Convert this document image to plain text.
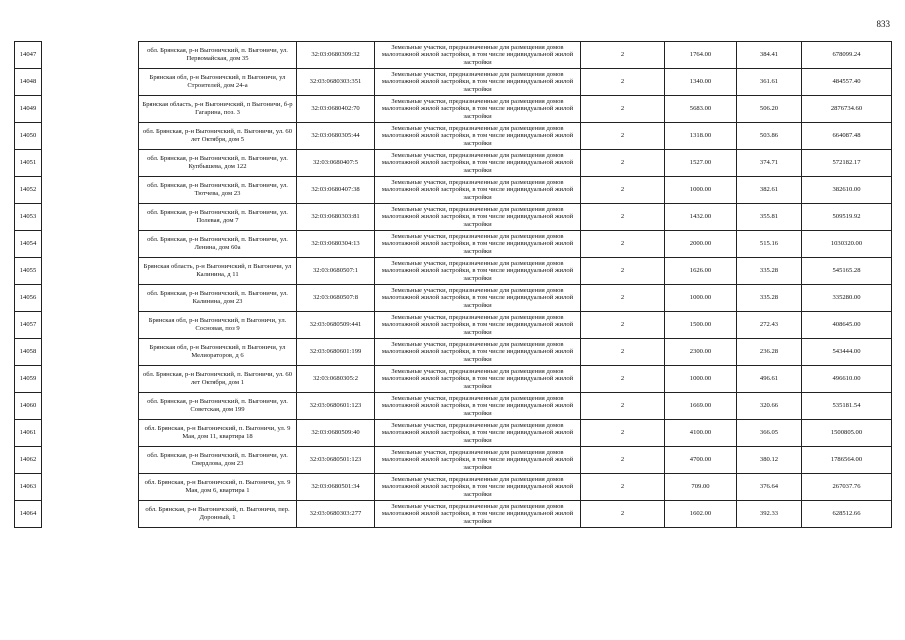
833
14047		обл. Брянская, р-н Выгоничский, п. Выгоничи, ул. Первомайская, дом 35	32:03:0680309:32	Земельные участки, предназначенные для размещения домов малоэтажной жилой застройки, в том числе индивидуальной жилой застройки	2	1764.00	384.41	678099.24
14048		Брянская обл, р-н Выгоничский, п Выгоничи, ул Строителей, дом 24-а	32:03:0680303:351	Земельные участки, предназначенные для размещения домов малоэтажной жилой застройки, в том числе индивидуальной жилой застройки	2	1340.00	361.61	484557.40
14049		Брянская область, р-н Выгоничский, п Выгоничи, б-р Гагарина, поз. 3	32:03:0680402:70	Земельные участки, предназначенные для размещения домов малоэтажной жилой застройки, в том числе индивидуальной жилой застройки	2	5683.00	506.20	2876734.60
14050		обл. Брянская, р-н Выгоничский, п. Выгоничи, ул. 60 лет Октября, дом 5	32:03:0680305:44	Земельные участки, предназначенные для размещения домов малоэтажной жилой застройки, в том числе индивидуальной жилой застройки	2	1318.00	503.86	664087.48
14051		обл. Брянская, р-н Выгоничский, п. Выгоничи, ул. Купбышева, дом 122	32:03:0680407:5	Земельные участки, предназначенные для размещения домов малоэтажной жилой застройки, в том числе индивидуальной жилой застройки	2	1527.00	374.71	572182.17
14052		обл. Брянская, р-н Выгоничский, п. Выгоничи, ул. Тютчева, дом 23	32:03:0680407:38	Земельные участки, предназначенные для размещения домов малоэтажной жилой застройки, в том числе индивидуальной жилой застройки	2	1000.00	382.61	382610.00
14053		обл. Брянская, р-н Выгоничский, п. Выгоничи, ул. Полевая, дом 7	32:03:0680303:81	Земельные участки, предназначенные для размещения домов малоэтажной жилой застройки, в том числе индивидуальной жилой застройки	2	1432.00	355.81	509519.92
14054		обл. Брянская, р-н Выгоничский, п. Выгоничи, ул. Ленина, дом 60а	32:03:0680304:13	Земельные участки, предназначенные для размещения домов малоэтажной жилой застройки, в том числе индивидуальной жилой застройки	2	2000.00	515.16	1030320.00
14055		Брянская область, р-н Выгоничский, п Выгоничи, ул Калинина, д 11	32:03:0680507:1	Земельные участки, предназначенные для размещения домов малоэтажной жилой застройки, в том числе индивидуальной жилой застройки	2	1626.00	335.28	545165.28
14056		обл. Брянская, р-н Выгоничский, п. Выгоничи, ул. Калинина, дом 23	32:03:0680507:8	Земельные участки, предназначенные для размещения домов малоэтажной жилой застройки, в том числе индивидуальной жилой застройки	2	1000.00	335.28	335280.00
14057		Брянская обл, р-н Выгоничский, п Выгоничи, ул. Сосновая, поз 9	32:03:0680509:441	Земельные участки, предназначенные для размещения домов малоэтажной жилой застройки, в том числе индивидуальной жилой застройки	2	1500.00	272.43	408645.00
14058		Брянская обл, р-н Выгоничский, п Выгоничи, ул Мелиораторов, д 6	32:03:0680601:199	Земельные участки, предназначенные для размещения домов малоэтажной жилой застройки, в том числе индивидуальной жилой застройки	2	2300.00	236.28	543444.00
14059		обл. Брянская, р-н Выгоничский, п. Выгоничи, ул. 60 лет Октября, дом 1	32:03:0680305:2	Земельные участки, предназначенные для размещения домов малоэтажной жилой застройки, в том числе индивидуальной жилой застройки	2	1000.00	496.61	496610.00
14060		обл. Брянская, р-н Выгоничский, п. Выгоничи, ул. Советская, дом 199	32:03:0680601:123	Земельные участки, предназначенные для размещения домов малоэтажной жилой застройки, в том числе индивидуальной жилой застройки	2	1669.00	320.66	535181.54
14061		обл. Брянская, р-н Выгоничский, п. Выгоничи, ул. 9 Мая, дом 11, квартира 18	32:03:0680509:40	Земельные участки, предназначенные для размещения домов малоэтажной жилой застройки, в том числе индивидуальной жилой застройки	2	4100.00	366.05	1500805.00
14062		обл. Брянская, р-н Выгоничский, п. Выгоничи, ул. Свердлова, дом 23	32:03:0680501:123	Земельные участки, предназначенные для размещения домов малоэтажной жилой застройки, в том числе индивидуальной жилой застройки	2	4700.00	380.12	1786564.00
14063		обл. Брянская, р-н Выгоничский, п. Выгоничи, ул. 9 Мая, дом 6, квартира 1	32:03:0680501:34	Земельные участки, предназначенные для размещения домов малоэтажной жилой застройки, в том числе индивидуальной жилой застройки	2	709.00	376.64	267037.76
14064		обл. Брянская, р-н Выгоничский, п. Выгоничи, пер. Доронный, 1	32:03:0680303:277	Земельные участки, предназначенные для размещения домов малоэтажной жилой застройки, в том числе индивидуальной жилой застройки	2	1602.00	392.33	628512.66
